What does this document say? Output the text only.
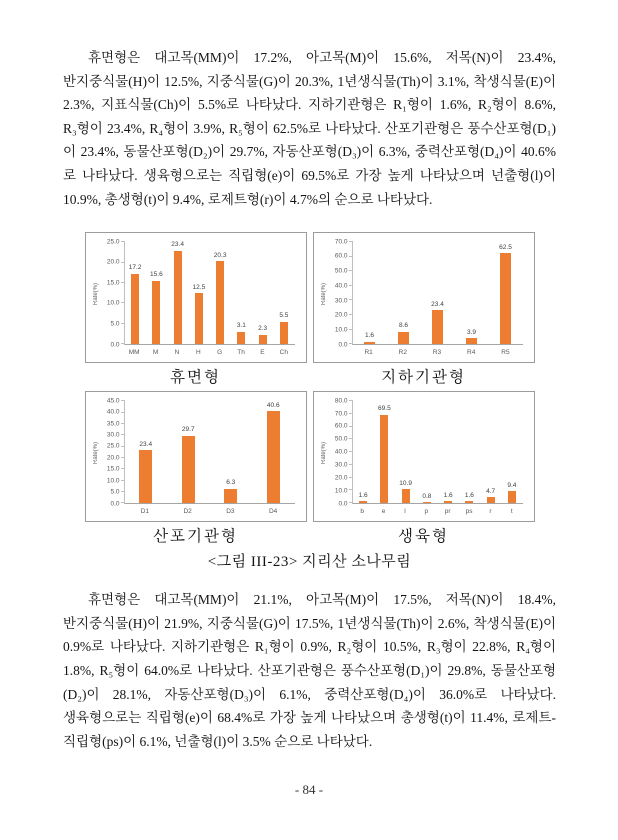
휴면형은 대고목(MM)이 17.2%, 아고목(M)이 15.6%, 저목(N)이 23.4%, 반지중식물(H)이 12.5%, 지중식물(G)이 20.3%, 1년생식물(Th)이 3.1%, 착생식물(E)이 2.3%, 지표식물(Ch)이 5.5%로 나타났다. 지하기관형은 R₁형이 1.6%, R₂형이 8.6%, R₃형이 23.4%, R₄형이 3.9%, R₅형이 62.5%로 나타났다. 산포기관형은 풍수산포형(D₁)이 23.4%, 동물산포형(D₂)이 29.7%, 자동산포형(D₃)이 6.3%, 중력산포형(D₄)이 40.6%로 나타났다. 생육형으로는 직립형(e)이 69.5%로 가장 높게 나타났으며 넌출형(l)이 10.9%, 총생형(t)이 9.4%, 로제트형(r)이 4.7%의 순으로 나타났다.

Rate(%)
0.0
5.0
10.0
15.0
20.0
25.0
17.2
15.6
23.4
12.5
20.3
3.1 2.3
5.5
MM	M	N	H	G	Th	E	Ch
휴면형
Rate(%)
0.0
10.0
20.0
30.0
40.0
50.0
60.0
70.0
1.6
8.6
23.4
3.9
62.5
R1	R2	R3	R4	R5
지하기관형
Rate(%)
0.0
5.0
10.0
15.0
20.0
25.0
30.0
35.0
40.0
45.0
23.4
29.7
6.3
40.6
D1	D2	D3	D4
산포기관형
Rate(%)
0.0
10.0
20.0
30.0
40.0
50.0
60.0
70.0
80.0
1.6
69.5
10.9
0.8 1.6 1.6
4.7
9.4
b	e	l	p	pr	ps	r	t
생육형
<그림 III-23> 지리산 소나무림

휴면형은 대고목(MM)이 21.1%, 아고목(M)이 17.5%, 저목(N)이 18.4%, 반지중식물(H)이 21.9%, 지중식물(G)이 17.5%, 1년생식물(Th)이 2.6%, 착생식물(E)이 0.9%로 나타났다. 지하기관형은 R₁형이 0.9%, R₂형이 10.5%, R₃형이 22.8%, R₄형이 1.8%, R₅형이 64.0%로 나타났다. 산포기관형은 풍수산포형(D₁)이 29.8%, 동물산포형(D₂)이 28.1%, 자동산포형(D₃)이 6.1%, 중력산포형(D₄)이 36.0%로 나타났다. 생육형으로는 직립형(e)이 68.4%로 가장 높게 나타났으며 총생형(t)이 11.4%, 로제트-직립형(ps)이 6.1%, 넌출형(l)이 3.5% 순으로 나타났다.

- 84 -
